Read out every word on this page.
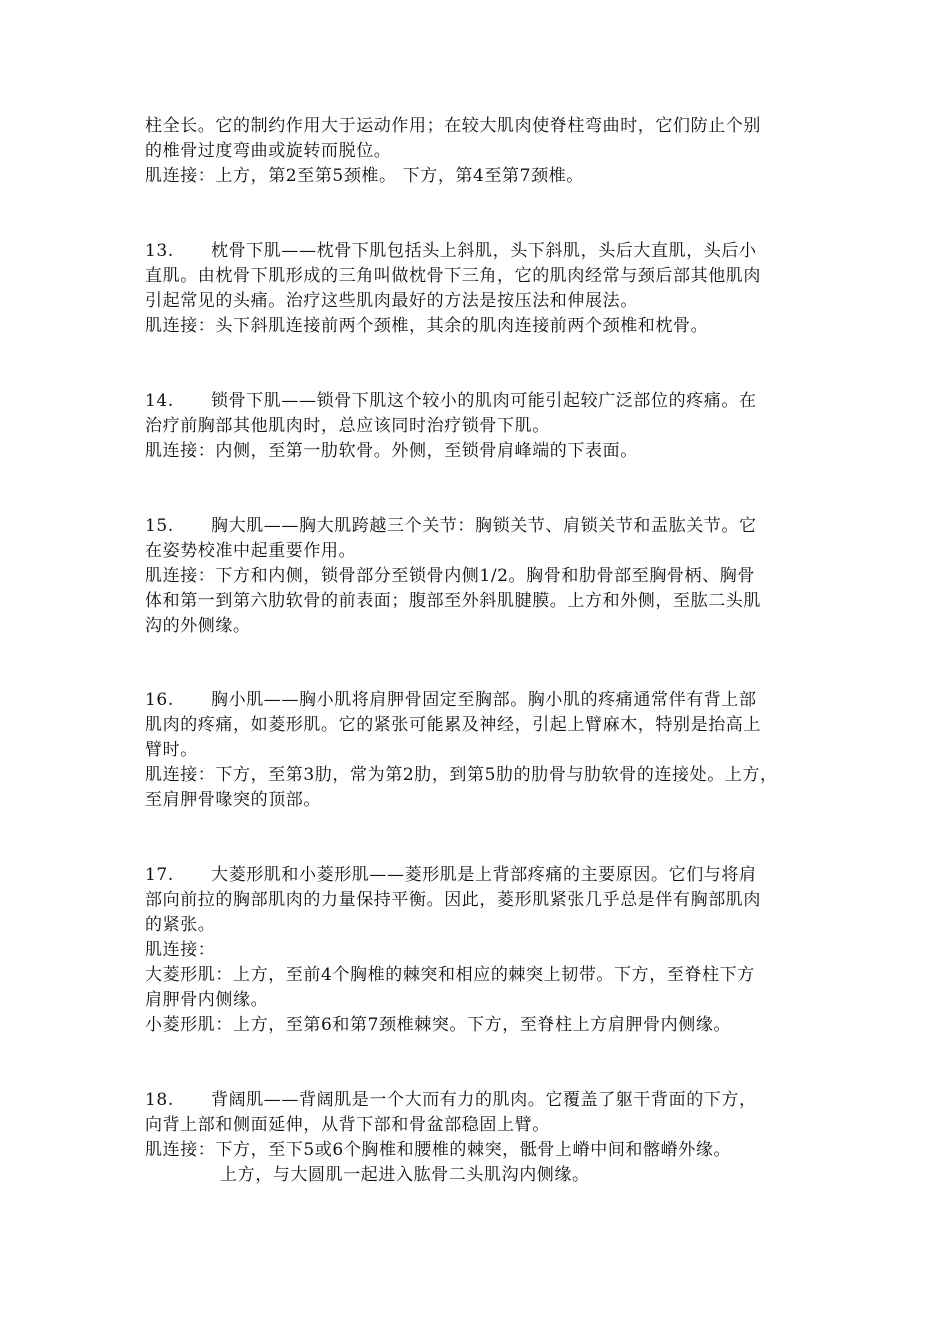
柱全长。它的制约作用大于运动作用；在较大肌肉使脊柱弯曲时，它们防止个别
的椎骨过度弯曲或旋转而脱位。
肌连接：上方，第2至第5颈椎。 下方，第4至第7颈椎。
13. 枕骨下肌——枕骨下肌包括头上斜肌，头下斜肌，头后大直肌，头后小
直肌。由枕骨下肌形成的三角叫做枕骨下三角，它的肌肉经常与颈后部其他肌肉
引起常见的头痛。治疗这些肌肉最好的方法是按压法和伸展法。
肌连接：头下斜肌连接前两个颈椎，其余的肌肉连接前两个颈椎和枕骨。
14. 锁骨下肌——锁骨下肌这个较小的肌肉可能引起较广泛部位的疼痛。在
治疗前胸部其他肌肉时，总应该同时治疗锁骨下肌。
肌连接：内侧，至第一肋软骨。外侧，至锁骨肩峰端的下表面。
15. 胸大肌——胸大肌跨越三个关节：胸锁关节、肩锁关节和盂肱关节。它
在姿势校准中起重要作用。
肌连接：下方和内侧，锁骨部分至锁骨内侧1/2。胸骨和肋骨部至胸骨柄、胸骨
体和第一到第六肋软骨的前表面；腹部至外斜肌腱膜。上方和外侧，至肱二头肌
沟的外侧缘。
16. 胸小肌——胸小肌将肩胛骨固定至胸部。胸小肌的疼痛通常伴有背上部
肌肉的疼痛，如菱形肌。它的紧张可能累及神经，引起上臂麻木，特别是抬高上
臂时。
肌连接：下方，至第3肋，常为第2肋，到第5肋的肋骨与肋软骨的连接处。上方，
至肩胛骨喙突的顶部。
17. 大菱形肌和小菱形肌——菱形肌是上背部疼痛的主要原因。它们与将肩
部向前拉的胸部肌肉的力量保持平衡。因此，菱形肌紧张几乎总是伴有胸部肌肉
的紧张。
肌连接：
大菱形肌：上方，至前4个胸椎的棘突和相应的棘突上韧带。下方，至脊柱下方
肩胛骨内侧缘。
小菱形肌：上方，至第6和第7颈椎棘突。下方，至脊柱上方肩胛骨内侧缘。
18. 背阔肌——背阔肌是一个大而有力的肌肉。它覆盖了躯干背面的下方，
向背上部和侧面延伸，从背下部和骨盆部稳固上臂。
肌连接：下方，至下5或6个胸椎和腰椎的棘突，骶骨上嵴中间和髂嵴外缘。
上方，与大圆肌一起进入肱骨二头肌沟内侧缘。
